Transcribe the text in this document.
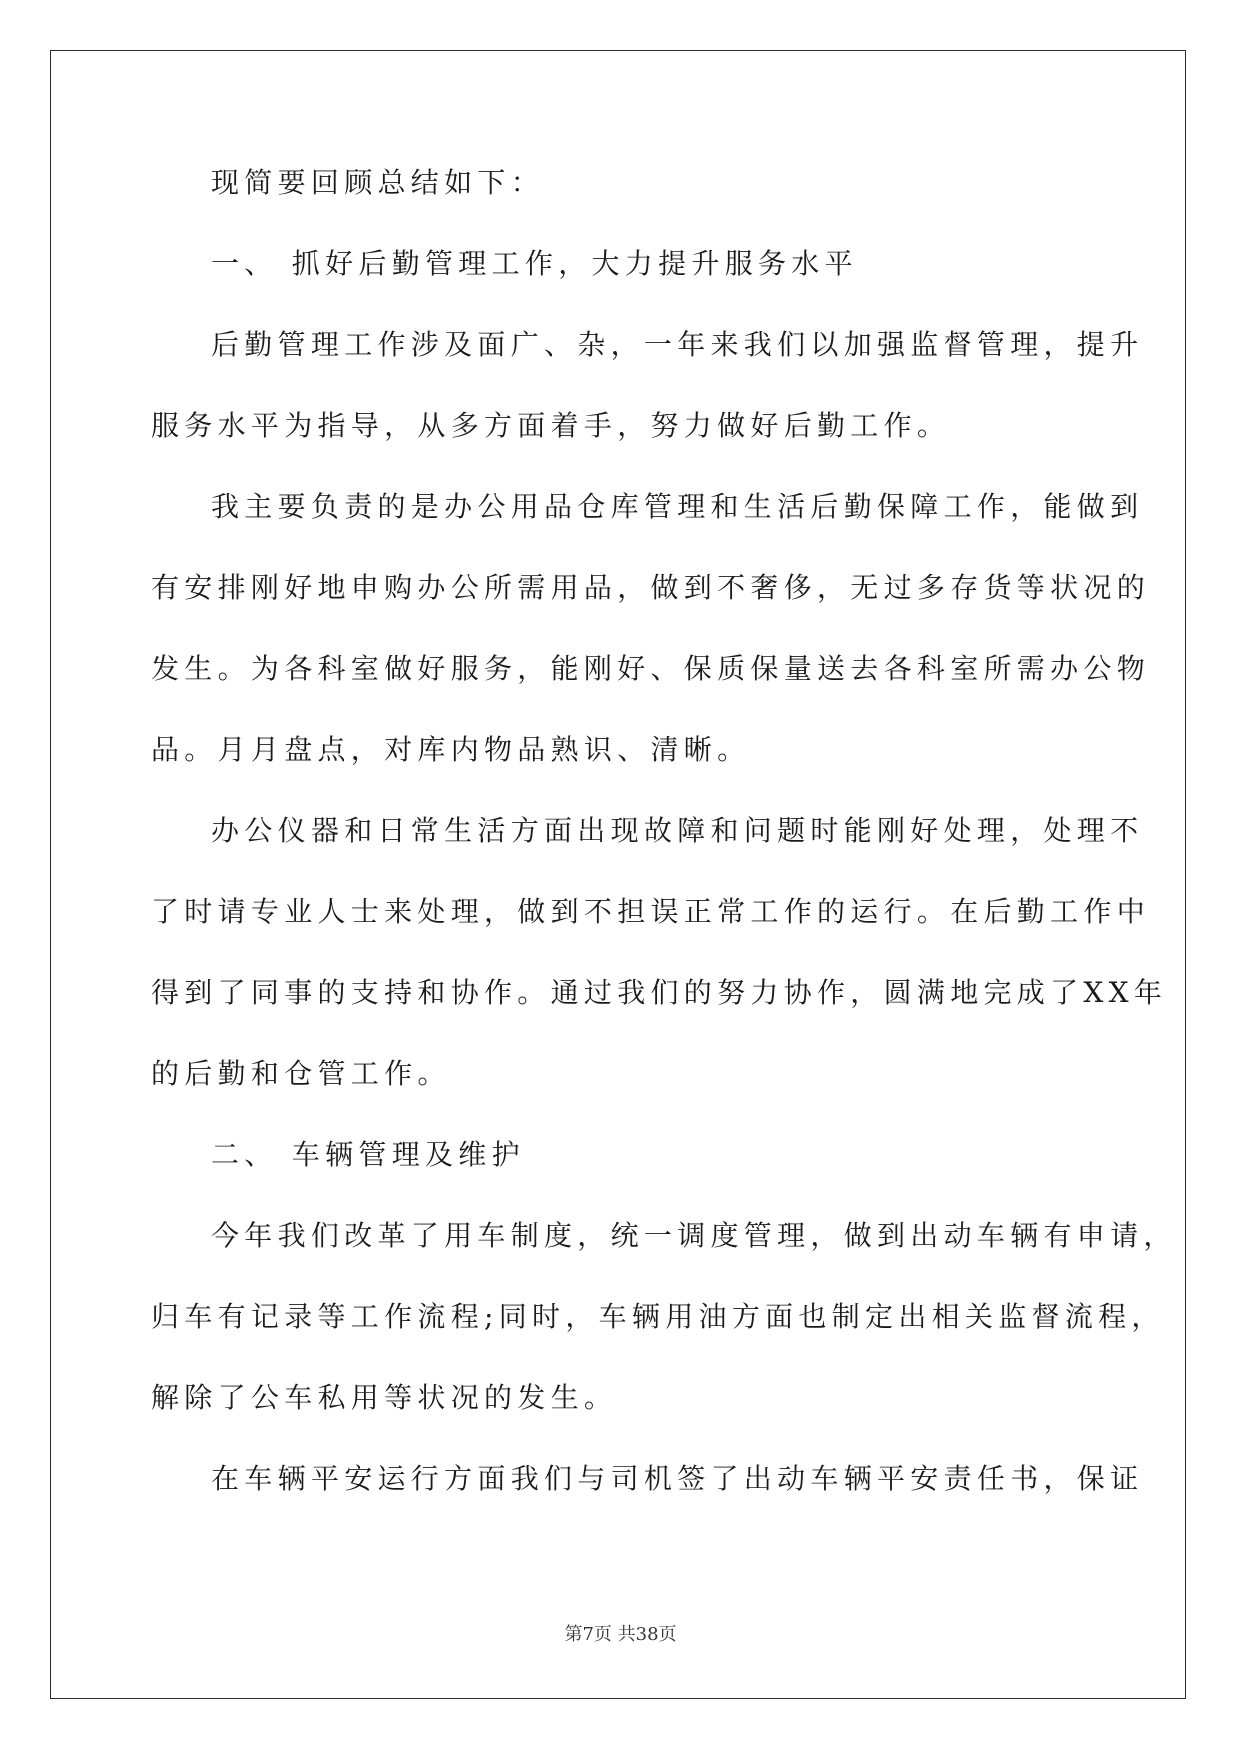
现简要回顾总结如下：
一、 抓好后勤管理工作，大力提升服务水平
后勤管理工作涉及面广、杂，一年来我们以加强监督管理，提升
服务水平为指导，从多方面着手，努力做好后勤工作。
我主要负责的是办公用品仓库管理和生活后勤保障工作，能做到
有安排刚好地申购办公所需用品，做到不奢侈，无过多存货等状况的
发生。为各科室做好服务，能刚好、保质保量送去各科室所需办公物
品。月月盘点，对库内物品熟识、清晰。
办公仪器和日常生活方面出现故障和问题时能刚好处理，处理不
了时请专业人士来处理，做到不担误正常工作的运行。在后勤工作中
得到了同事的支持和协作。通过我们的努力协作，圆满地完成了XX年
的后勤和仓管工作。
二、 车辆管理及维护
今年我们改革了用车制度，统一调度管理，做到出动车辆有申请，
归车有记录等工作流程;同时，车辆用油方面也制定出相关监督流程，
解除了公车私用等状况的发生。
在车辆平安运行方面我们与司机签了出动车辆平安责任书，保证
第7页 共38页
